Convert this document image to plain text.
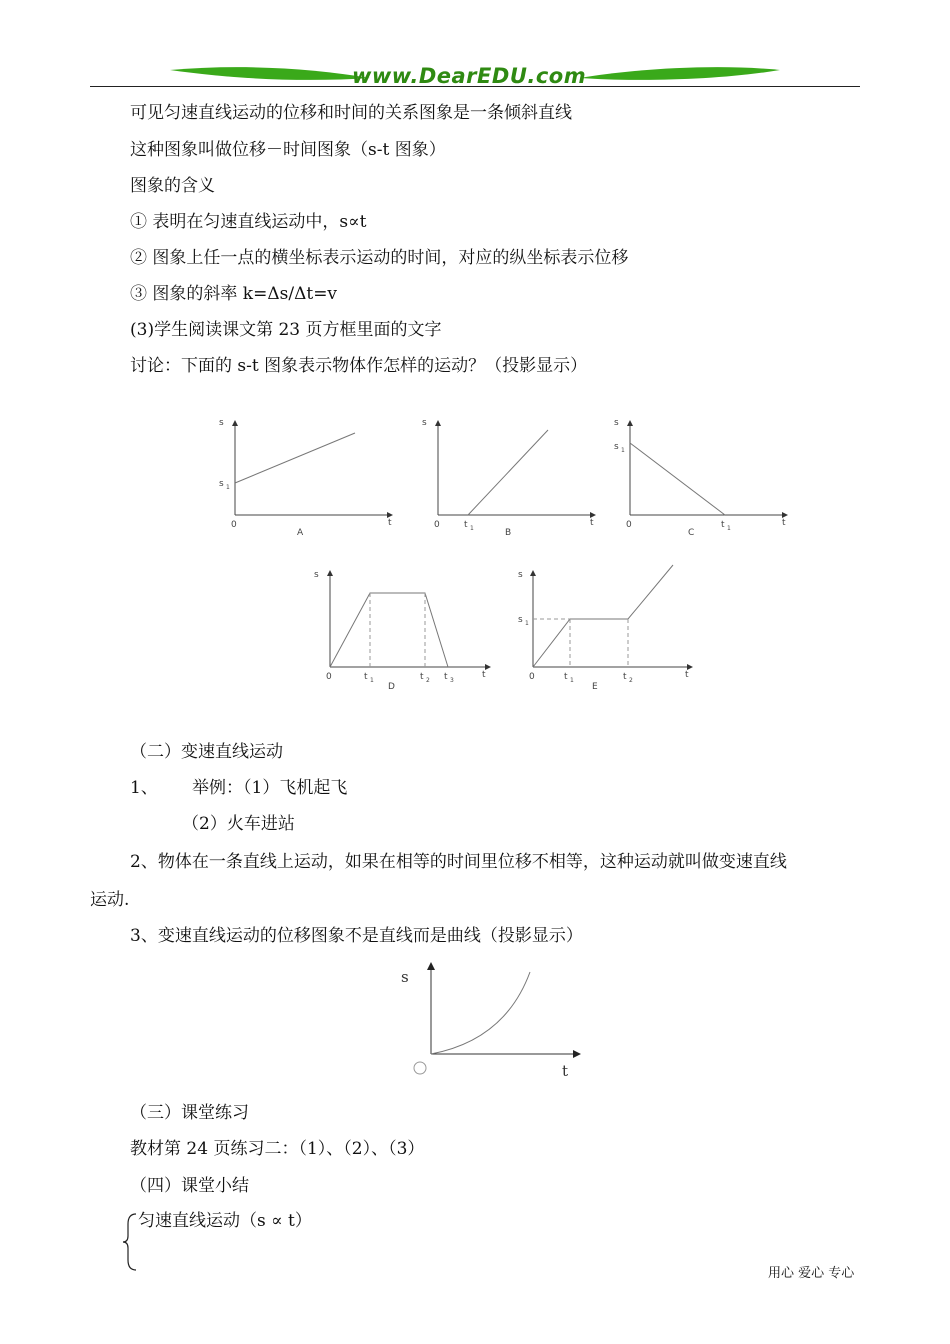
www.DearEDU.com
可见匀速直线运动的位移和时间的关系图象是一条倾斜直线
这种图象叫做位移－时间图象（s-t 图象）
图象的含义
① 表明在匀速直线运动中，s∝t
② 图象上任一点的横坐标表示运动的时间，对应的纵坐标表示位移
③ 图象的斜率 k=Δs/Δt=v
(3)学生阅读课文第 23 页方框里面的文字
讨论：下面的 s-t 图象表示物体作怎样的运动？（投影显示）
s
t
0
s 1
A
s
t
0	t 1	B
s
t
0
s 1
t 1
C
s
t
0	t 1	t 2 t 3
D
s
t
0
s 1
t 1	t 2
E
（二）变速直线运动
1、 举例：（1）飞机起飞
（2）火车进站
2、物体在一条直线上运动，如果在相等的时间里位移不相等，这种运动就叫做变速直线
运动.
3、变速直线运动的位移图象不是直线而是曲线（投影显示）
s
t
（三）课堂练习
教材第 24 页练习二：（1）、（2）、（3）
（四）课堂小结
匀速直线运动（s ∝ t）
用心 爱心 专心
